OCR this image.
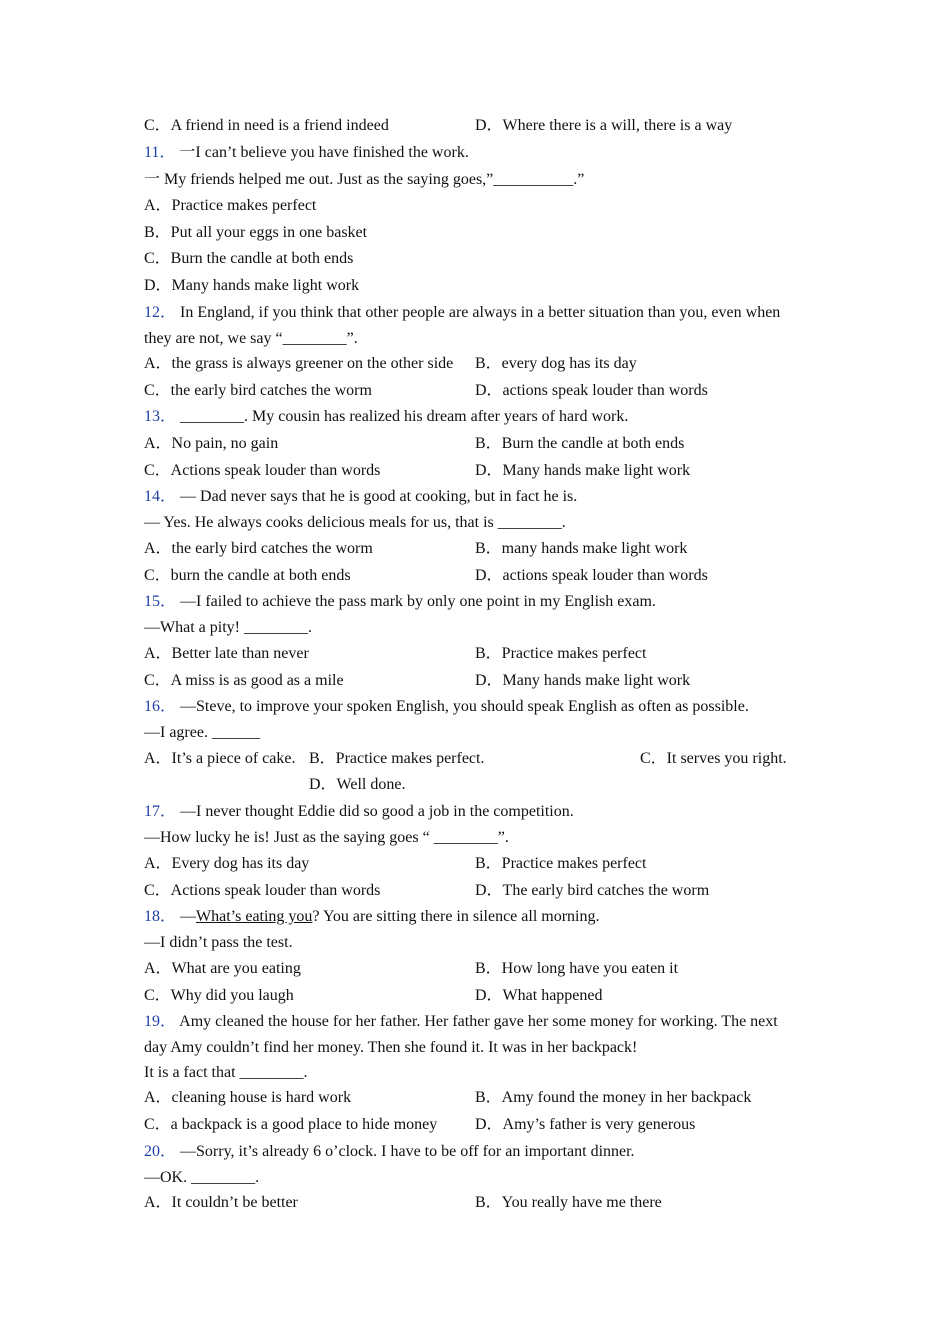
C．A friend in need is a friend indeed	D．Where there is a will, there is a way
11． 一I can’t believe you have finished the work.
一 My friends helped me out. Just as the saying goes,”__________.”
A．Practice makes perfect
B．Put all your eggs in one basket
C．Burn the candle at both ends
D．Many hands make light work
12． In England, if you think that other people are always in a better situation than you, even when
they are not, we say “________”.
A．the grass is always greener on the other side B．every dog has its day
C．the early bird catches the worm	D．actions speak louder than words
13． ________. My cousin has realized his dream after years of hard work.
A．No pain, no gain	B．Burn the candle at both ends
C．Actions speak louder than words	D．Many hands make light work
14． — Dad never says that he is good at cooking, but in fact he is.
— Yes. He always cooks delicious meals for us, that is ________.
A．the early bird catches the worm	B．many hands make light work
C．burn the candle at both ends	D．actions speak louder than words
15． —I failed to achieve the pass mark by only one point in my English exam.
—What a pity! ________.
A．Better late than never	B．Practice makes perfect
C．A miss is as good as a mile	D．Many hands make light work
16． —Steve, to improve your spoken English, you should speak English as often as possible.
—I agree. ______
A．It’s a piece of cake. B．Practice makes perfect.	C．It serves you right.
D．Well done.
17． —I never thought Eddie did so good a job in the competition.
—How lucky he is! Just as the saying goes “ ________”.
A．Every dog has its day	B．Practice makes perfect
C．Actions speak louder than words	D．The early bird catches the worm
18． —What’s eating you? You are sitting there in silence all morning.
—I didn’t pass the test.
A．What are you eating	B．How long have you eaten it
C．Why did you laugh	D．What happened
19． Amy cleaned the house for her father. Her father gave her some money for working. The next
day Amy couldn’t find her money. Then she found it. It was in her backpack!
It is a fact that ________.
A．cleaning house is hard work	B．Amy found the money in her backpack
C．a backpack is a good place to hide money D．Amy’s father is very generous
20． —Sorry, it’s already 6 o’clock. I have to be off for an important dinner.
—OK. ________.
A．It couldn’t be better	B．You really have me there
